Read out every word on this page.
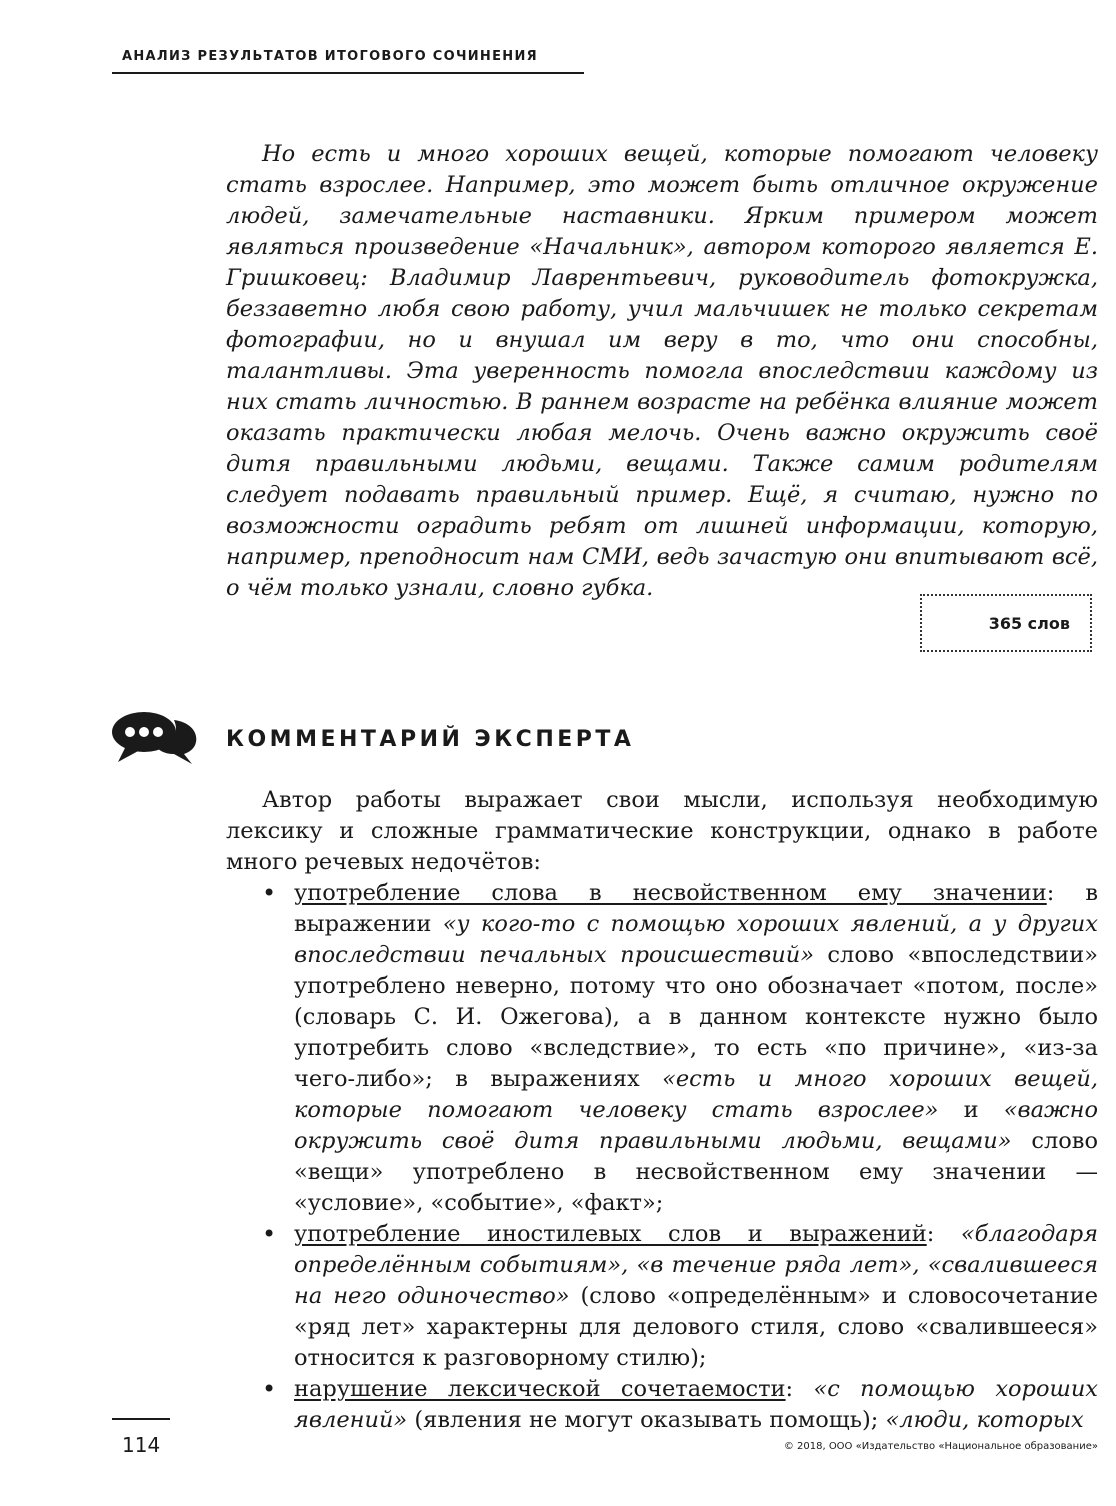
АНАЛИЗ РЕЗУЛЬТАТОВ ИТОГОВОГО СОЧИНЕНИЯ

Но есть и много хороших вещей, которые помогают человеку стать взрослее. Например, это может быть отличное окружение людей, замечательные наставники. Ярким примером может являться произведение «Начальник», автором которого является Е. Гришковец: Владимир Лаврентьевич, руководитель фотокружка, беззаветно любя свою работу, учил мальчишек не только секретам фотографии, но и внушал им веру в то, что они способны, талантливы. Эта уверенность помогла впоследствии каждому из них стать личностью. В раннем возрасте на ребёнка влияние может оказать практически любая мелочь. Очень важно окружить своё дитя правильными людьми, вещами. Также самим родителям следует подавать правильный пример. Ещё, я считаю, нужно по возможности оградить ребят от лишней информации, которую, например, преподносит нам СМИ, ведь зачастую они впитывают всё, о чём только узнали, словно губка.

365 слов
КОММЕНТАРИЙ ЭКСПЕРТА

Автор работы выражает свои мысли, используя необходимую лексику и сложные грамматические конструкции, однако в работе много речевых недочётов:

• употребление слова в несвойственном ему значении: в выражении «у кого-то с помощью хороших явлений, а у других впоследствии печальных происшествий» слово «впоследствии» употреблено неверно, потому что оно обозначает «потом, после» (словарь С. И. Ожегова), а в данном контексте нужно было употребить слово «вследствие», то есть «по причине», «из-за чего-либо»; в выражениях «есть и много хороших вещей, которые помогают человеку стать взрослее» и «важно окружить своё дитя правильными людьми, вещами» слово «вещи» употреблено в несвойственном ему значении — «условие», «событие», «факт»;
• употребление иностилевых слов и выражений: «благодаря определённым событиям», «в течение ряда лет», «свалившееся на него одиночество» (слово «определённым» и словосочетание «ряд лет» характерны для делового стиля, слово «свалившееся» относится к разговорному стилю);
• нарушение лексической сочетаемости: «с помощью хороших явлений» (явления не могут оказывать помощь); «люди, которых
114	© 2018, ООО «Издательство «Национальное образование»
